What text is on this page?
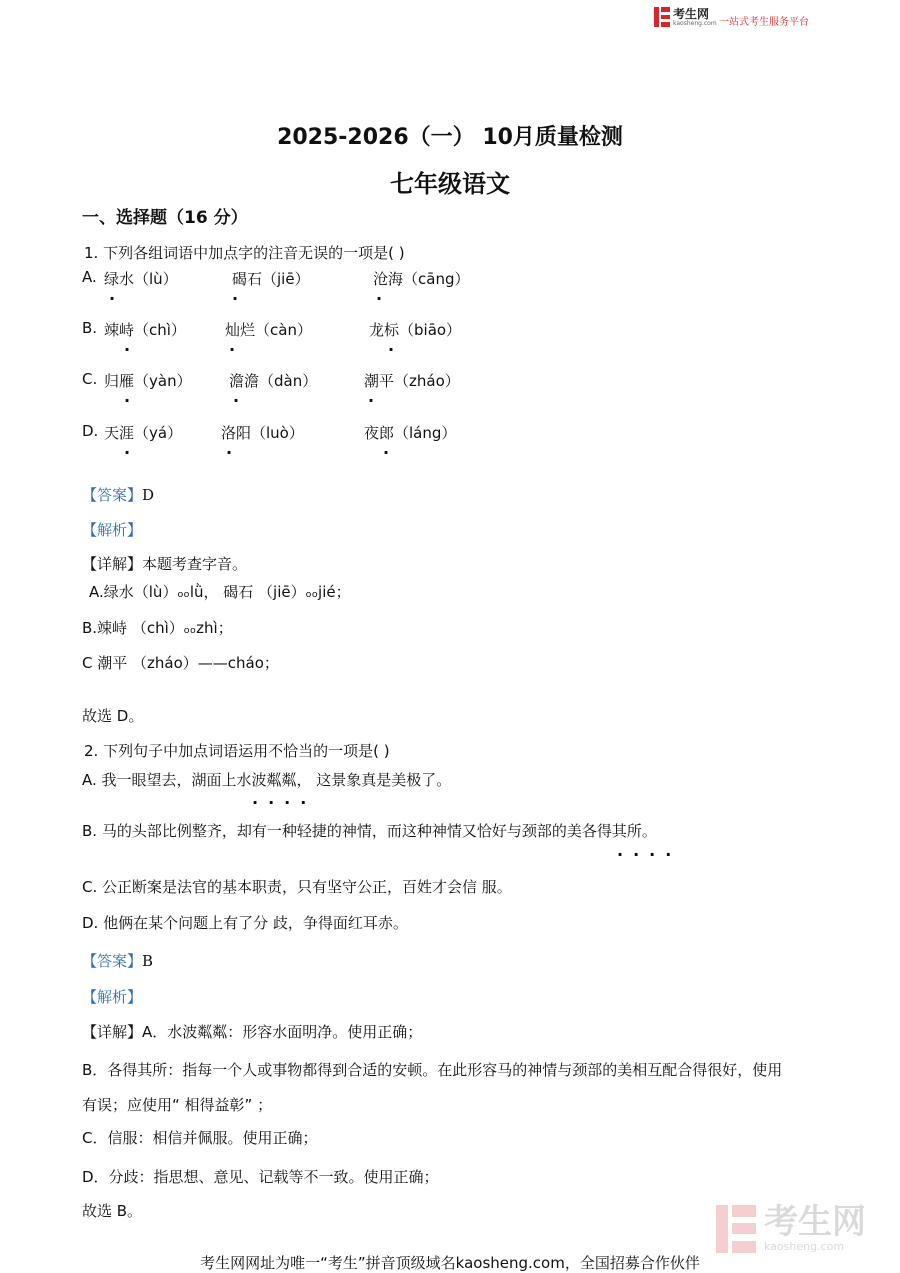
考生网
kaosheng.com 一站式考生服务平台
2025-2026（一） 10月质量检测
七年级语文
一、选择题（16 分）
1. 下列各组词语中加点字的注音无误的一项是( )
A. 绿水（lù）	碣石（jiē）	沧海（cāng）
·	·	·
B. 竦峙（chì）	灿烂（càn）	龙标（biāo）
·	·	·
C. 归雁（yàn） 澹澹（dàn）	潮平（zháo）
·	·	·
D. 天涯（yá）	洛阳（luò）	夜郎（láng）
·	·	·
【答案】D
【解析】
【详解】本题考查字音。
A.绿水（lù）ₒₒlǜ， 碣石 （jiē）ₒₒjié；
B.竦峙 （chì）ₒₒzhì；
C 潮平 （zháo）——cháo；
故选 D。
2. 下列句子中加点词语运用不恰当的一项是( )
A. 我一眼望去，湖面上水波粼粼， 这景象真是美极了。
····
B. 马的头部比例整齐，却有一种轻捷的神情，而这种神情又恰好与颈部的美各得其所。
····
C. 公正断案是法官的基本职责，只有坚守公正，百姓才会信 服。
D. 他俩在某个问题上有了分 歧，争得面红耳赤。
【答案】B
【解析】
【详解】A．水波粼粼：形容水面明净。使用正确；
B．各得其所：指每一个人或事物都得到合适的安顿。在此形容马的神情与颈部的美相互配合得很好，使用
有误；应使用“ 相得益彰” ；
C．信服：相信并佩服。使用正确；
D．分歧：指思想、意见、记载等不一致。使用正确；
故选 B。	考生网
kaosheng.com
考生网网址为唯一“考生”拼音顶级域名kaosheng.com，全国招募合作伙伴
